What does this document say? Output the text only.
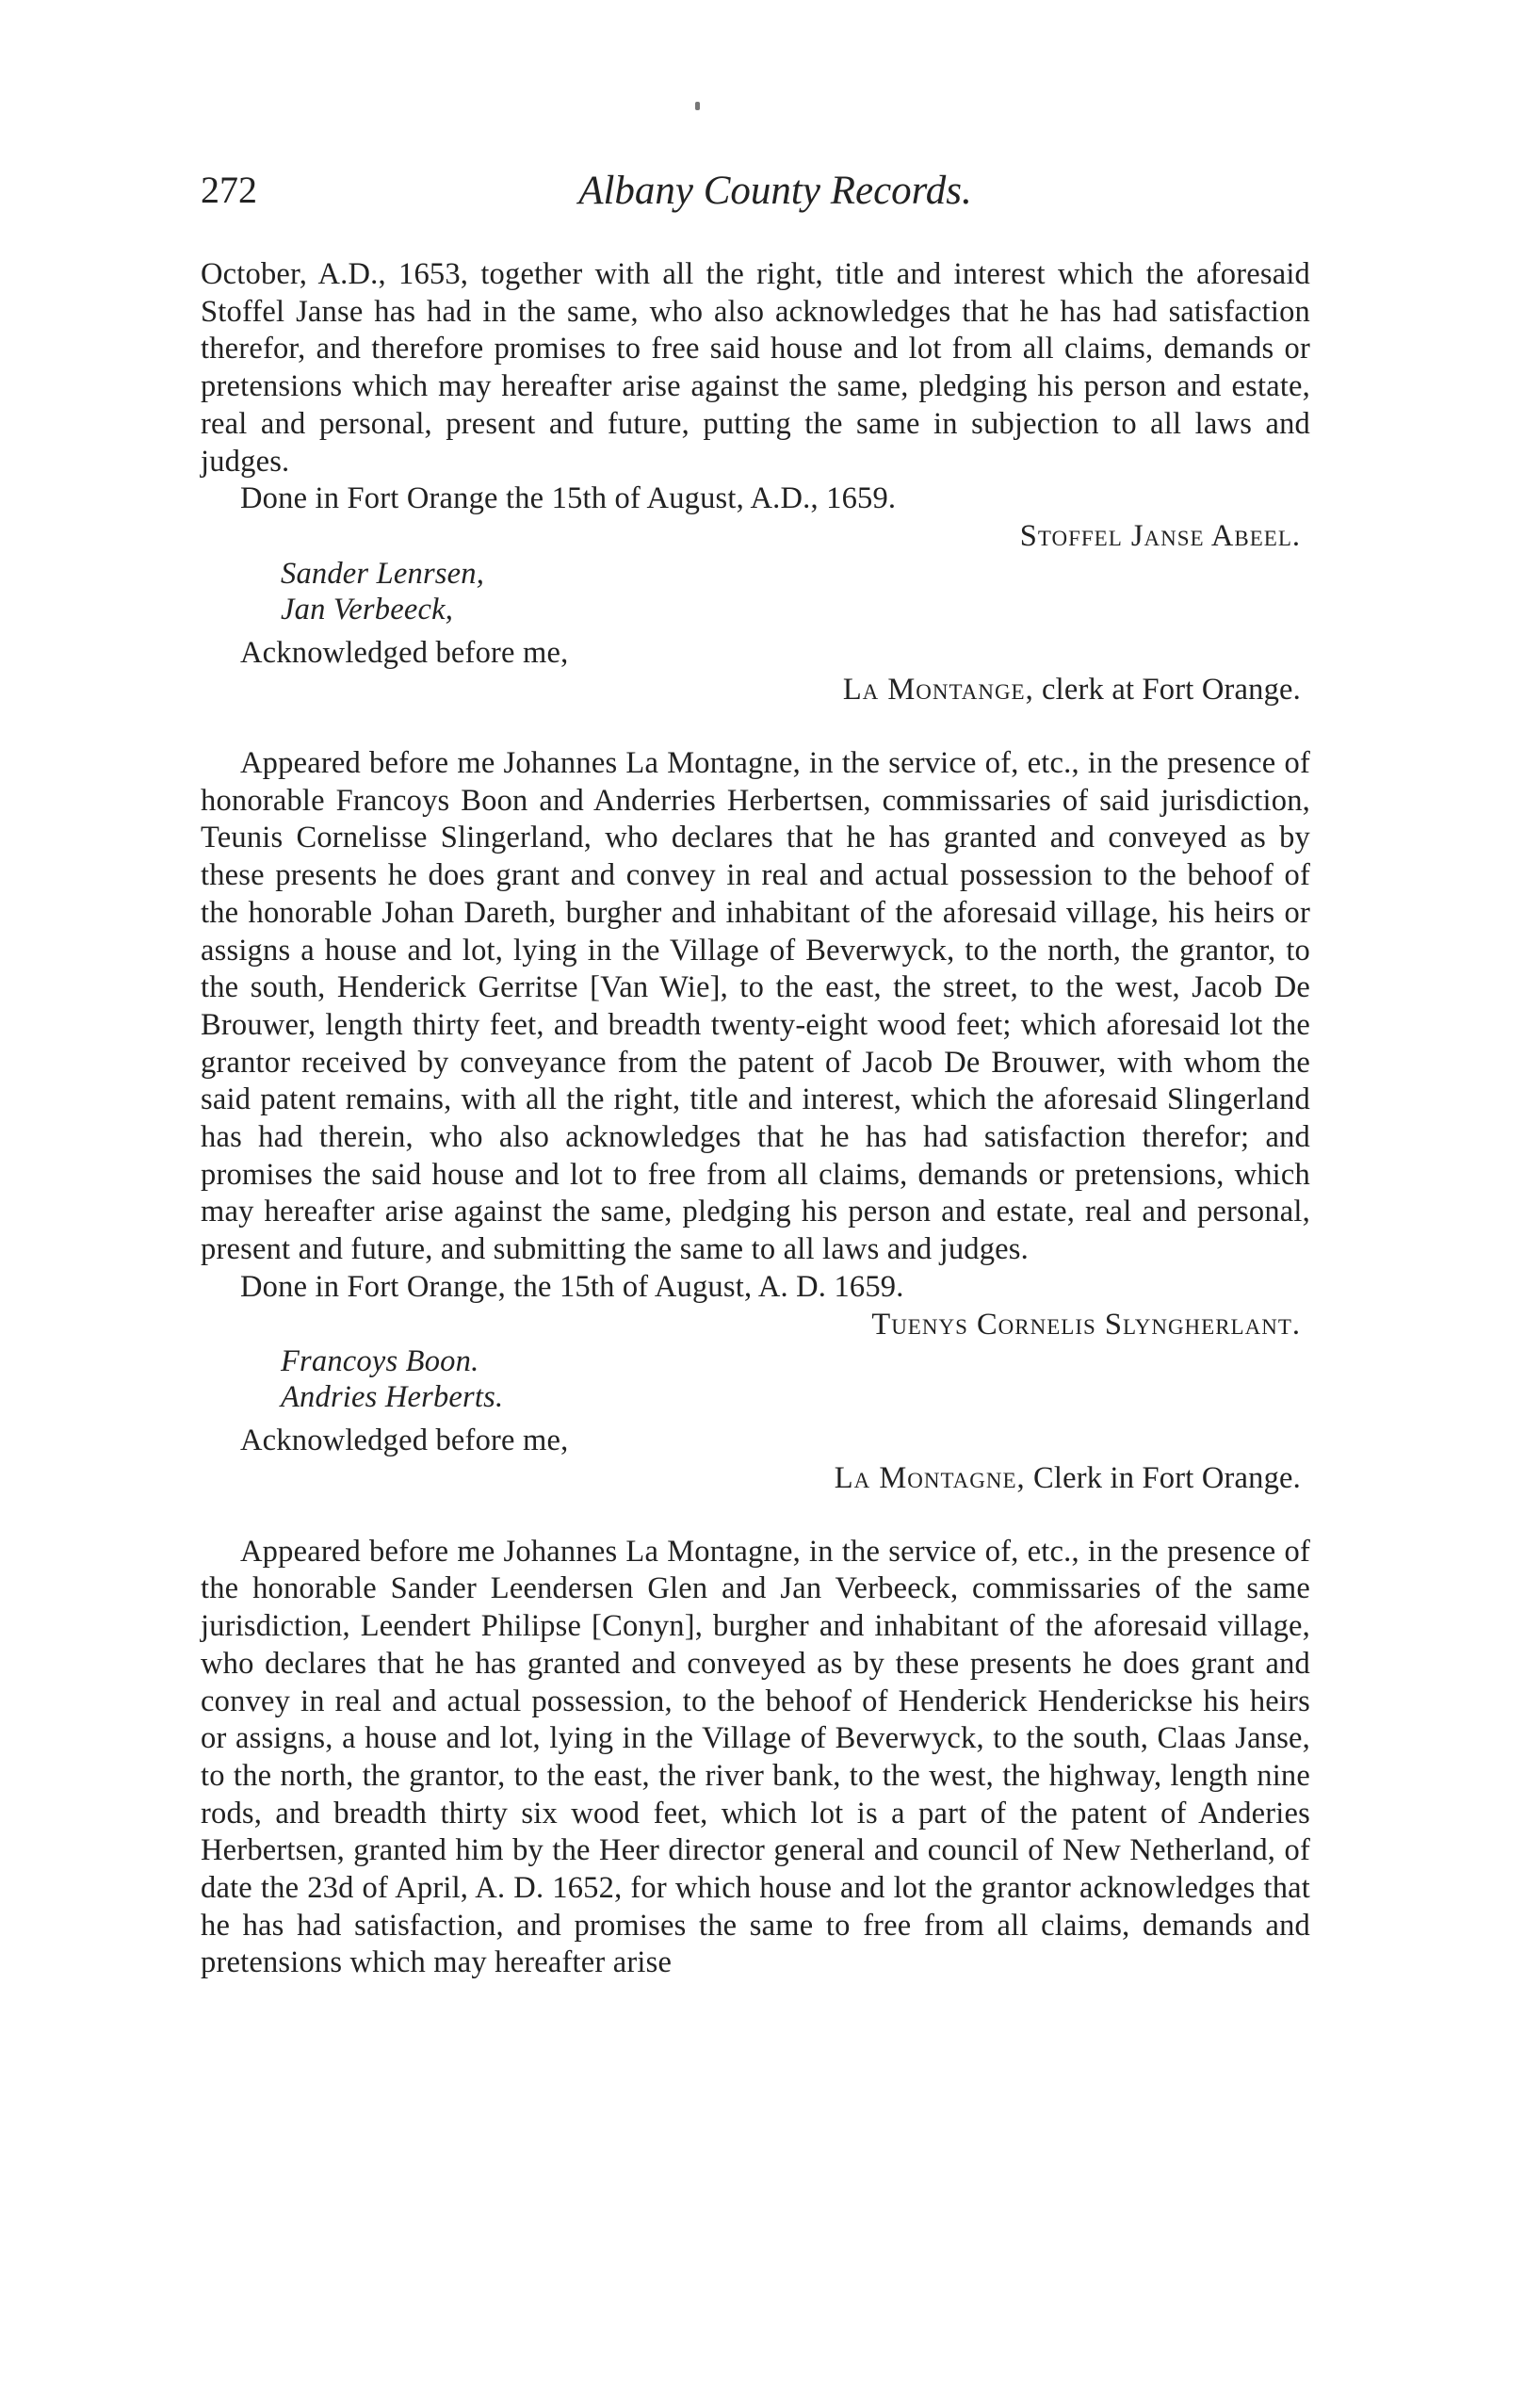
272	Albany County Records.

October, A.D., 1653, together with all the right, title and interest which the aforesaid Stoffel Janse has had in the same, who also acknowledges that he has had satisfaction therefor, and therefore promises to free said house and lot from all claims, demands or pretensions which may hereafter arise against the same, pledging his person and estate, real and personal, present and future, putting the same in subjection to all laws and judges.

Done in Fort Orange the 15th of August, A.D., 1659.

Stoffel Janse Abeel.

Sander Lenrsen,
Jan Verbeeck,

Acknowledged before me,

La Montange, clerk at Fort Orange.

Appeared before me Johannes La Montagne, in the service of, etc., in the presence of honorable Francoys Boon and Anderries Herbertsen, commissaries of said jurisdiction, Teunis Cornelisse Slingerland, who declares that he has granted and conveyed as by these presents he does grant and convey in real and actual possession to the behoof of the honorable Johan Dareth, burgher and inhabitant of the aforesaid village, his heirs or assigns a house and lot, lying in the Village of Beverwyck, to the north, the grantor, to the south, Henderick Gerritse [Van Wie], to the east, the street, to the west, Jacob De Brouwer, length thirty feet, and breadth twenty-eight wood feet; which aforesaid lot the grantor received by conveyance from the patent of Jacob De Brouwer, with whom the said patent remains, with all the right, title and interest, which the aforesaid Slingerland has had therein, who also acknowledges that he has had satisfaction therefor; and promises the said house and lot to free from all claims, demands or pretensions, which may hereafter arise against the same, pledging his person and estate, real and personal, present and future, and submitting the same to all laws and judges.

Done in Fort Orange, the 15th of August, A. D. 1659.

Tuenys Cornelis Slyngherlant.

Francoys Boon.
Andries Herberts.

Acknowledged before me,

La Montagne, Clerk in Fort Orange.

Appeared before me Johannes La Montagne, in the service of, etc., in the presence of the honorable Sander Leendersen Glen and Jan Verbeeck, commissaries of the same jurisdiction, Leendert Philipse [Conyn], burgher and inhabitant of the aforesaid village, who declares that he has granted and conveyed as by these presents he does grant and convey in real and actual possession, to the behoof of Henderick Hendericksе his heirs or assigns, a house and lot, lying in the Village of Beverwyck, to the south, Claas Janse, to the north, the grantor, to the east, the river bank, to the west, the highway, length nine rods, and breadth thirty six wood feet, which lot is a part of the patent of Anderies Herbertsen, granted him by the Heer director general and council of New Netherland, of date the 23d of April, A. D. 1652, for which house and lot the grantor acknowledges that he has had satisfaction, and promises the same to free from all claims, demands and pretensions which may hereafter arise
